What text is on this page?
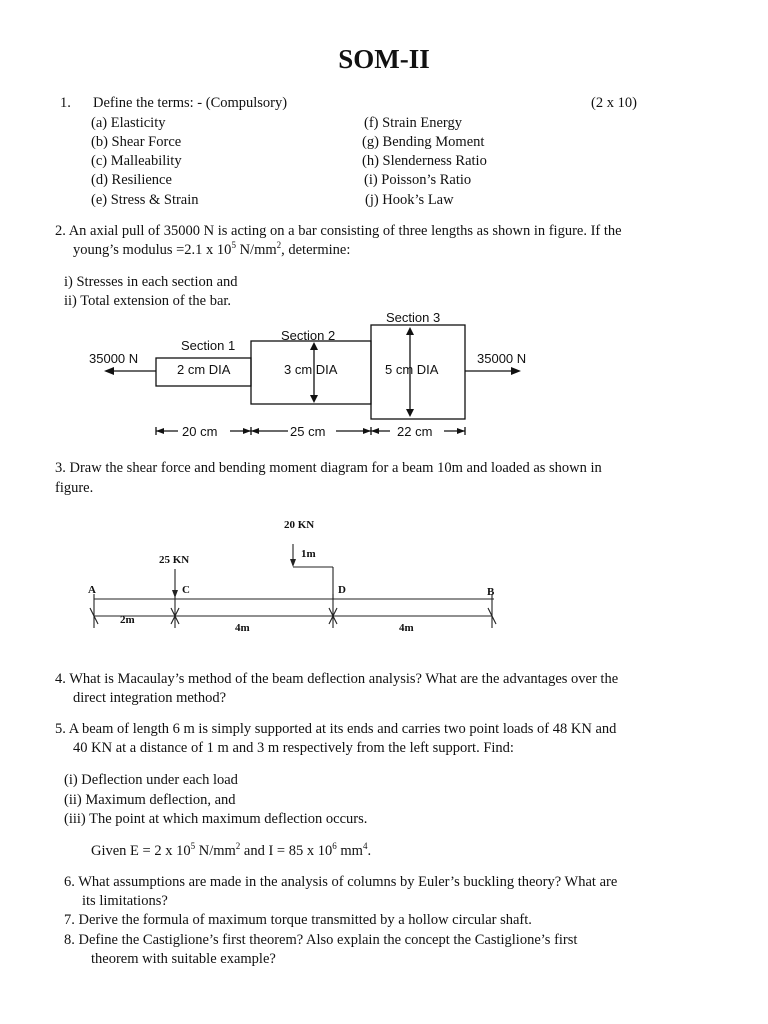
SOM-II
1. Define the terms: - (Compulsory)	(2 x 10)
(a) Elasticity
(b) Shear Force
(c) Malleability
(d) Resilience
(e) Stress & Strain
(f) Strain Energy
(g) Bending Moment
(h) Slenderness Ratio
(i) Poisson’s Ratio
(j) Hook’s Law
2. An axial pull of 35000 N is acting on a bar consisting of three lengths as shown in figure. If the
young’s modulus =2.1 x $10^5$ $N/mm^2$, determine:
i) Stresses in each section and
ii) Total extension of the bar.
35000 N	35000 N
Section 1
Section 2
Section 3
2 cm DIA	3 cm DIA	5 cm DIA
20 cm	25 cm	22 cm
3. Draw the shear force and bending moment diagram for a beam 10m and loaded as shown in
figure.
25 KN
20 KN
1m
A	C	D	B
2m
4m	4m
4. What is Macaulay’s method of the beam deflection analysis? What are the advantages over the
direct integration method?
5. A beam of length 6 m is simply supported at its ends and carries two point loads of 48 KN and
40 KN at a distance of 1 m and 3 m respectively from the left support. Find:
(i) Deflection under each load
(ii) Maximum deflection, and
(iii) The point at which maximum deflection occurs.
Given E = 2 x $10^5$ $N/mm^2$ and I = 85 x $10^6$ $mm^4$.
6. What assumptions are made in the analysis of columns by Euler’s buckling theory? What are
its limitations?
7. Derive the formula of maximum torque transmitted by a hollow circular shaft.
8. Define the Castiglione’s first theorem? Also explain the concept the Castiglione’s first
theorem with suitable example?
